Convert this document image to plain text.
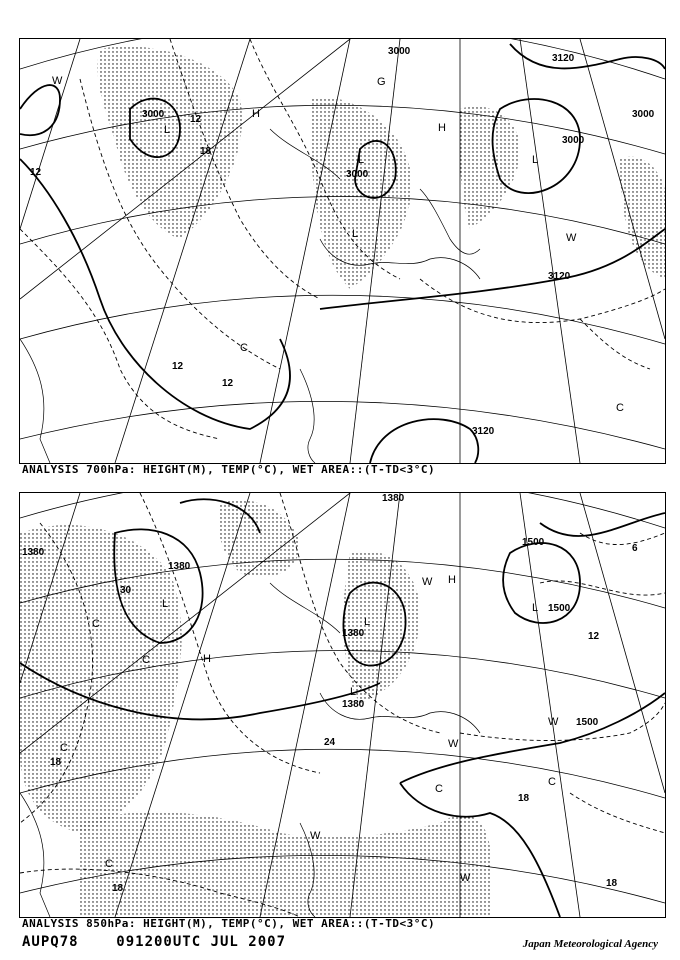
3000
3000
3000
3000
3000
3120
3120
3120
12
12
12
12
18
W
L
H
H
L	L
L	W
C
C
G
ANALYSIS 700hPa: HEIGHT(M), TEMP(°C), WET AREA::(T-TD<3°C)
1380
1380
1380
1380
1380
1500
1500
1500
18
18
18
18
24
12
6
30
C
C
C
C
L
L
L
W
W
W
W
H
H
C
L
C
W
ANALYSIS 850hPa: HEIGHT(M), TEMP(°C), WET AREA::(T-TD<3°C)
AUPQ78    091200UTC JUL 2007	Japan Meteorological Agency
